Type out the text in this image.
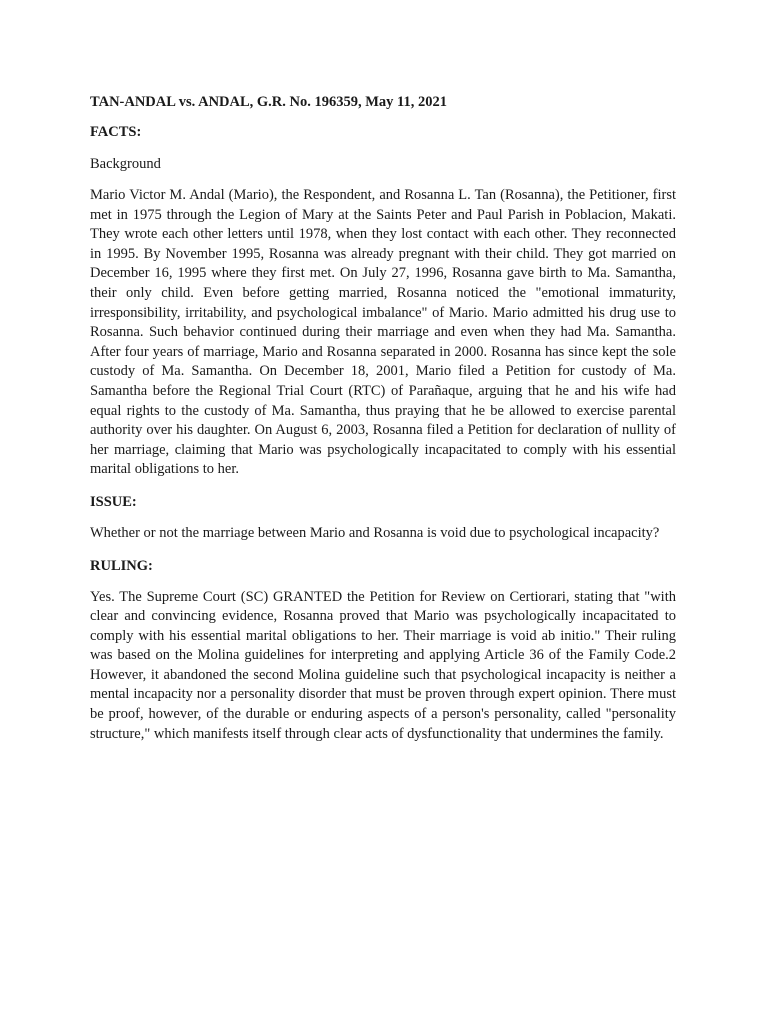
TAN-ANDAL vs. ANDAL, G.R. No. 196359, May 11, 2021
FACTS:
Background

Mario Victor M. Andal (Mario), the Respondent, and Rosanna L. Tan (Rosanna), the Petitioner, first met in 1975 through the Legion of Mary at the Saints Peter and Paul Parish in Poblacion, Makati. They wrote each other letters until 1978, when they lost contact with each other. They reconnected in 1995. By November 1995, Rosanna was already pregnant with their child. They got married on December 16, 1995 where they first met. On July 27, 1996, Rosanna gave birth to Ma. Samantha, their only child. Even before getting married, Rosanna noticed the "emotional immaturity, irresponsibility, irritability, and psychological imbalance" of Mario. Mario admitted his drug use to Rosanna. Such behavior continued during their marriage and even when they had Ma. Samantha. After four years of marriage, Mario and Rosanna separated in 2000. Rosanna has since kept the sole custody of Ma. Samantha. On December 18, 2001, Mario filed a Petition for custody of Ma. Samantha before the Regional Trial Court (RTC) of Parañaque, arguing that he and his wife had equal rights to the custody of Ma. Samantha, thus praying that he be allowed to exercise parental authority over his daughter. On August 6, 2003, Rosanna filed a Petition for declaration of nullity of her marriage, claiming that Mario was psychologically incapacitated to comply with his essential marital obligations to her.

ISSUE:

Whether or not the marriage between Mario and Rosanna is void due to psychological incapacity?

RULING:

Yes. The Supreme Court (SC) GRANTED the Petition for Review on Certiorari, stating that "with clear and convincing evidence, Rosanna proved that Mario was psychologically incapacitated to comply with his essential marital obligations to her. Their marriage is void ab initio." Their ruling was based on the Molina guidelines for interpreting and applying Article 36 of the Family Code.2 However, it abandoned the second Molina guideline such that psychological incapacity is neither a mental incapacity nor a personality disorder that must be proven through expert opinion. There must be proof, however, of the durable or enduring aspects of a person's personality, called "personality structure," which manifests itself through clear acts of dysfunctionality that undermines the family.
